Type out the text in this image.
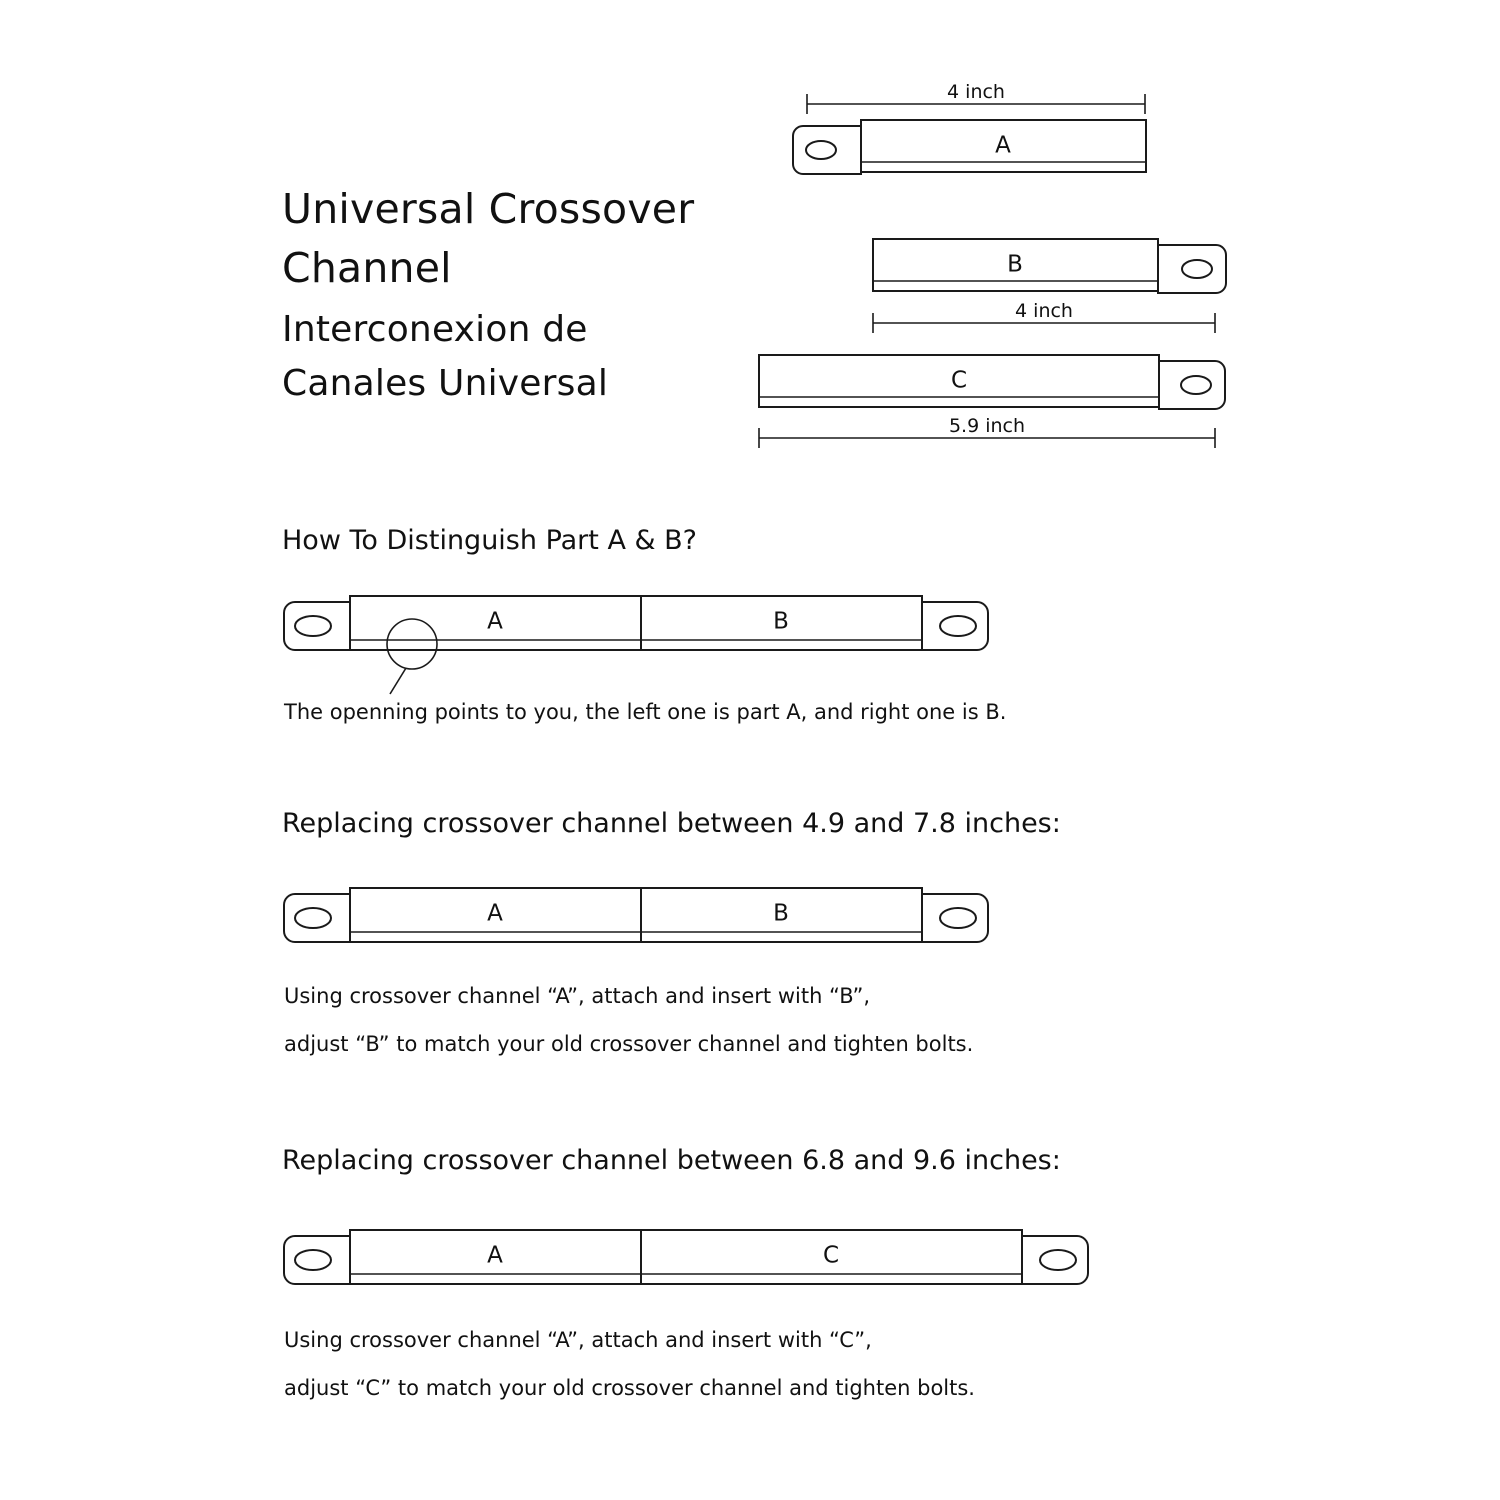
Universal Crossover
Channel
Interconexion de
Canales Universal
4 inch
A
B
4 inch
C
5.9 inch
How To Distinguish Part A & B?
A	B
The openning points to you, the left one is part A, and right one is B.
Replacing crossover channel between 4.9 and 7.8 inches:
A	B
Using crossover channel “A”, attach and insert with “B”,
adjust “B” to match your old crossover channel and tighten bolts.
Replacing crossover channel between 6.8 and 9.6 inches:
A	C
Using crossover channel “A”, attach and insert with “C”,
adjust “C” to match your old crossover channel and tighten bolts.
